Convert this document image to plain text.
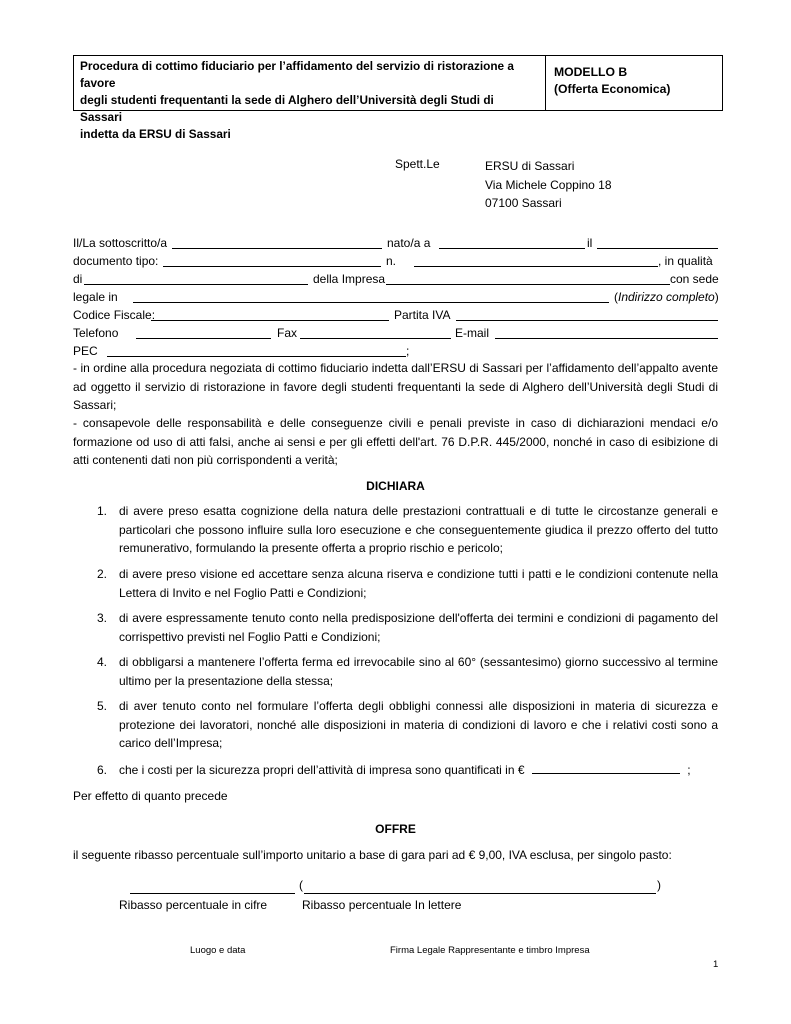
Procedura di cottimo fiduciario per l’affidamento del servizio di ristorazione a favore
degli studenti frequentanti la sede di Alghero dell’Università degli Studi di Sassari
indetta da ERSU di Sassari
MODELLO B
(Offerta Economica)
Spett.Le	ERSU di Sassari
Via Michele Coppino 18
07100 Sassari
Il/La sottoscritto/a	nato/a a	il
documento tipo:	n.	, in qualità
di	della Impresa	con sede
legale in	(Indirizzo completo)
Codice Fiscale:	Partita IVA
Telefono	Fax	E-mail
PEC	;
- in ordine alla procedura negoziata di cottimo fiduciario indetta dall’ERSU di Sassari per l’affidamento dell’appalto avente ad oggetto il servizio di ristorazione in favore degli studenti frequentanti la sede di Alghero dell’Università degli Studi di Sassari;
- consapevole delle responsabilità e delle conseguenze civili e penali previste in caso di dichiarazioni mendaci e/o formazione od uso di atti falsi, anche ai sensi e per gli effetti dell'art. 76 D.P.R. 445/2000, nonché in caso di esibizione di atti contenenti dati non più corrispondenti a verità;
DICHIARA
1. di avere preso esatta cognizione della natura delle prestazioni contrattuali e di tutte le circostanze generali e particolari che possono influire sulla loro esecuzione e che conseguentemente giudica il prezzo offerto del tutto remunerativo, formulando la presente offerta a proprio rischio e pericolo;
2. di avere preso visione ed accettare senza alcuna riserva e condizione tutti i patti e le condizioni contenute nella Lettera di Invito e nel Foglio Patti e Condizioni;
3. di avere espressamente tenuto conto nella predisposizione dell'offerta dei termini e condizioni di pagamento del corrispettivo previsti nel Foglio Patti e Condizioni;
4. di obbligarsi a mantenere l’offerta ferma ed irrevocabile sino al 60° (sessantesimo) giorno successivo al termine ultimo per la presentazione della stessa;
5. di aver tenuto conto nel formulare l’offerta degli obblighi connessi alle disposizioni in materia di sicurezza e protezione dei lavoratori, nonché alle disposizioni in materia di condizioni di lavoro e che i relativi costi sono a carico dell’Impresa;
6. che i costi per la sicurezza propri dell’attività di impresa sono quantificati in €	;
Per effetto di quanto precede
OFFRE
il seguente ribasso percentuale sull’importo unitario a base di gara pari ad € 9,00, IVA esclusa, per singolo pasto:
(	)
Ribasso percentuale in cifre	Ribasso percentuale In lettere
Luogo e data	Firma Legale Rappresentante e timbro Impresa
1
